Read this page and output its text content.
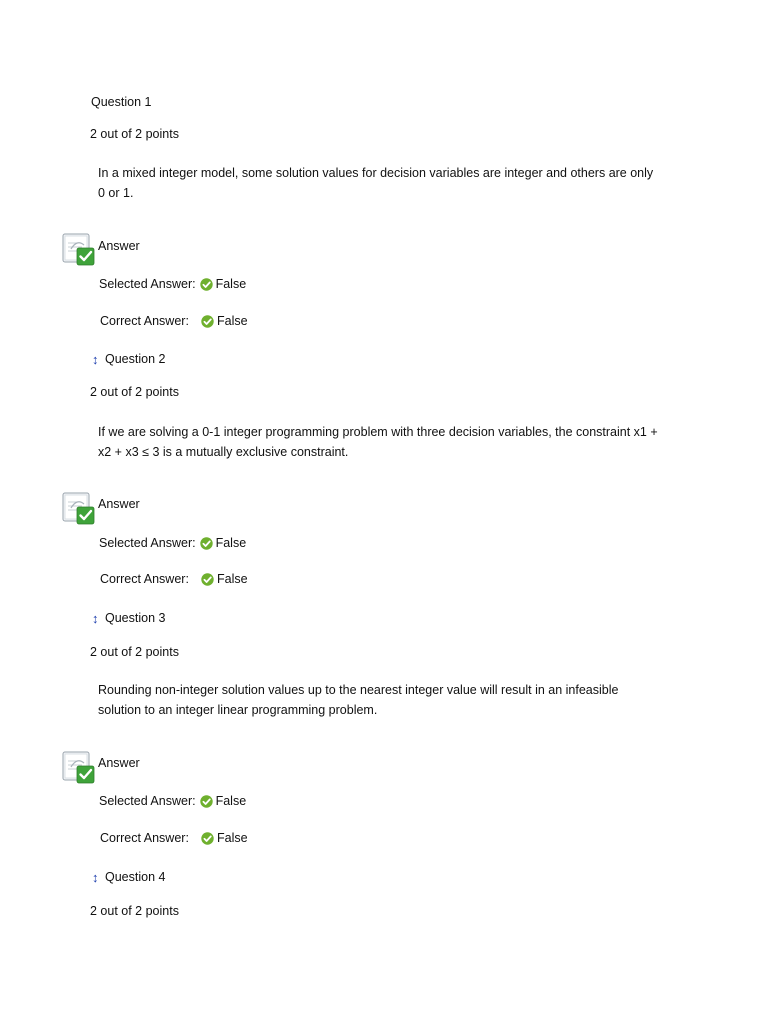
Question 1
2 out of 2 points
In a mixed integer model, some solution values for decision variables are integer and others are only 0 or 1.
Answer
Selected Answer: False
Correct Answer:	False
↕ Question 2
2 out of 2 points
If we are solving a 0-1 integer programming problem with three decision variables, the constraint x1 + x2 + x3 ≤ 3 is a mutually exclusive constraint.
Answer
Selected Answer: False
Correct Answer:	False
↕ Question 3
2 out of 2 points
Rounding non-integer solution values up to the nearest integer value will result in an infeasible solution to an integer linear programming problem.
Answer
Selected Answer: False
Correct Answer:	False
↕ Question 4
2 out of 2 points
